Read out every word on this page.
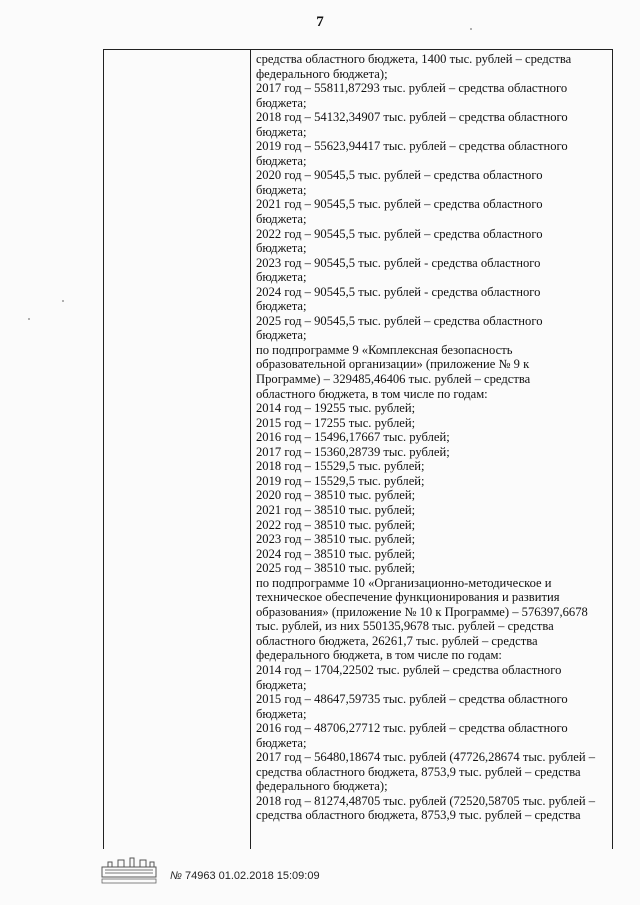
7
средства областного бюджета, 1400 тыс. рублей – средства
федерального бюджета);
2017 год – 55811,87293 тыс. рублей – средства областного
бюджета;
2018 год – 54132,34907 тыс. рублей – средства областного
бюджета;
2019 год – 55623,94417 тыс. рублей – средства областного
бюджета;
2020 год – 90545,5 тыс. рублей – средства областного
бюджета;
2021 год – 90545,5 тыс. рублей – средства областного
бюджета;
2022 год – 90545,5 тыс. рублей – средства областного
бюджета;
2023 год – 90545,5 тыс. рублей - средства областного
бюджета;
2024 год – 90545,5 тыс. рублей - средства областного
бюджета;
2025 год – 90545,5 тыс. рублей – средства областного
бюджета;
по подпрограмме 9 «Комплексная безопасность
образовательной организации» (приложение № 9 к
Программе) – 329485,46406 тыс. рублей – средства
областного бюджета, в том числе по годам:
2014 год – 19255 тыс. рублей;
2015 год – 17255 тыс. рублей;
2016 год – 15496,17667 тыс. рублей;
2017 год – 15360,28739 тыс. рублей;
2018 год – 15529,5 тыс. рублей;
2019 год – 15529,5 тыс. рублей;
2020 год – 38510 тыс. рублей;
2021 год – 38510 тыс. рублей;
2022 год – 38510 тыс. рублей;
2023 год – 38510 тыс. рублей;
2024 год – 38510 тыс. рублей;
2025 год – 38510 тыс. рублей;
по подпрограмме 10 «Организационно-методическое и
техническое обеспечение функционирования и развития
образования» (приложение № 10 к Программе) – 576397,6678
тыс. рублей, из них 550135,9678 тыс. рублей – средства
областного бюджета, 26261,7 тыс. рублей – средства
федерального бюджета, в том числе по годам:
2014 год – 1704,22502 тыс. рублей – средства областного
бюджета;
2015 год – 48647,59735 тыс. рублей – средства областного
бюджета;
2016 год – 48706,27712 тыс. рублей – средства областного
бюджета;
2017 год – 56480,18674 тыс. рублей (47726,28674 тыс. рублей –
средства областного бюджета, 8753,9 тыс. рублей – средства
федерального бюджета);
2018 год – 81274,48705 тыс. рублей (72520,58705 тыс. рублей –
средства областного бюджета, 8753,9 тыс. рублей – средства
№ 74963 01.02.2018 15:09:09
